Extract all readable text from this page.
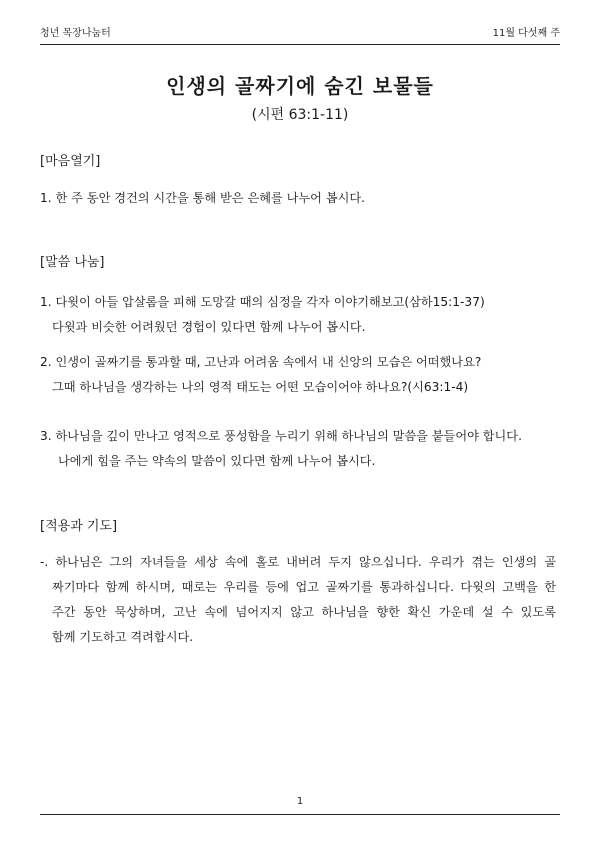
청년 목장나눔터	11월 다섯째 주
인생의 골짜기에 숨긴 보물들
(시편 63:1-11)
[마음열기]
1. 한 주 동안 경건의 시간을 통해 받은 은혜를 나누어 봅시다.
[말씀 나눔]
1. 다윗이 아들 압살롬을 피해 도망갈 때의 심정을 각자 이야기해보고(삼하15:1-37)
다윗과 비슷한 어려웠던 경험이 있다면 함께 나누어 봅시다.
2. 인생이 골짜기를 통과할 때, 고난과 어려움 속에서 내 신앙의 모습은 어떠했나요?
그때 하나님을 생각하는 나의 영적 태도는 어떤 모습이어야 하나요?(시63:1-4)
3. 하나님을 깊이 만나고 영적으로 풍성함을 누리기 위해 하나님의 말씀을 붙들어야 합니다.
나에게 힘을 주는 약속의 말씀이 있다면 함께 나누어 봅시다.
[적용과 기도]
-. 하나님은 그의 자녀들을 세상 속에 홀로 내버려 두지 않으십니다. 우리가 겪는 인생의 골
짜기마다 함께 하시며, 때로는 우리를 등에 업고 골짜기를 통과하십니다. 다윗의 고백을 한
주간 동안 묵상하며, 고난 속에 넘어지지 않고 하나님을 향한 확신 가운데 설 수 있도록
함께 기도하고 격려합시다.
1
